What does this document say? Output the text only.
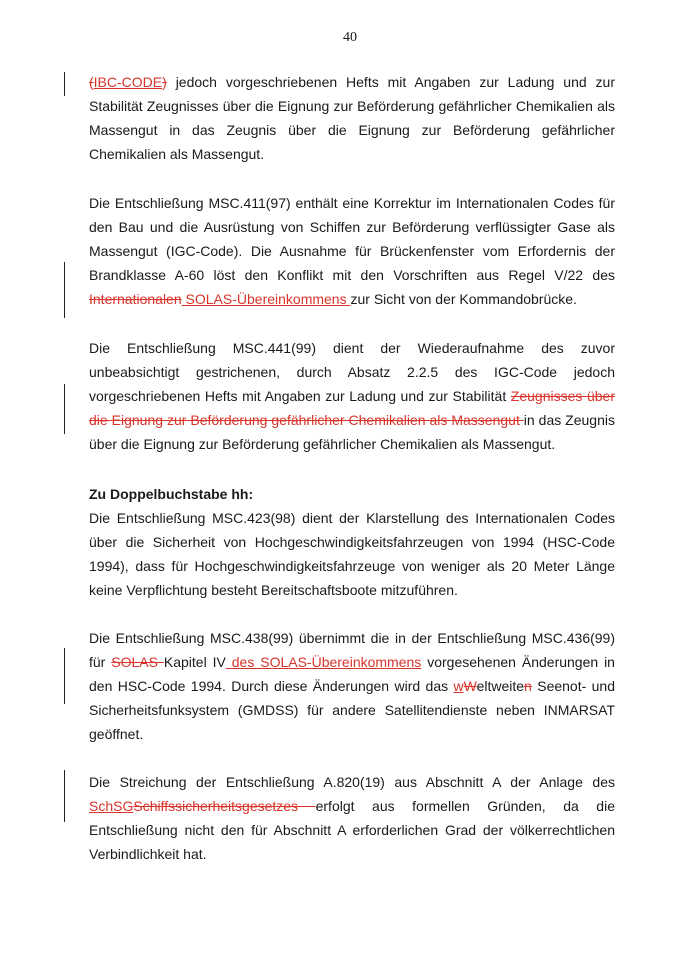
40

(IBC-CODE) jedoch vorgeschriebenen Hefts mit Angaben zur Ladung und zur Stabilität Zeugnisses über die Eignung zur Beförderung gefährlicher Chemikalien als Massengut in das Zeugnis über die Eignung zur Beförderung gefährlicher Chemikalien als Massengut.

Die Entschließung MSC.411(97) enthält eine Korrektur im Internationalen Codes für den Bau und die Ausrüstung von Schiffen zur Beförderung verflüssigter Gase als Massengut (IGC-Code). Die Ausnahme für Brückenfenster vom Erfordernis der Brandklasse A-60 löst den Konflikt mit den Vorschriften aus Regel V/22 des Internationalen SOLAS-Übereinkommens zur Sicht von der Kommandobrücke.

Die Entschließung MSC.441(99) dient der Wiederaufnahme des zuvor unbeabsichtigt gestrichenen, durch Absatz 2.2.5 des IGC-Code jedoch vorgeschriebenen Hefts mit Angaben zur Ladung und zur Stabilität Zeugnisses über die Eignung zur Beförderung gefährlicher Chemikalien als Massengut in das Zeugnis über die Eignung zur Beförderung gefährlicher Chemikalien als Massengut.

Zu Doppelbuchstabe hh:

Die Entschließung MSC.423(98) dient der Klarstellung des Internationalen Codes über die Sicherheit von Hochgeschwindigkeitsfahrzeugen von 1994 (HSC-Code 1994), dass für Hochgeschwindigkeitsfahrzeuge von weniger als 20 Meter Länge keine Verpflichtung besteht Bereitschaftsboote mitzuführen.

Die Entschließung MSC.438(99) übernimmt die in der Entschließung MSC.436(99) für SOLAS Kapitel IV des SOLAS-Übereinkommens vorgesehenen Änderungen in den HSC-Code 1994. Durch diese Änderungen wird das wWeltweiten Seenot- und Sicherheitsfunksystem (GMDSS) für andere Satellitendienste neben INMARSAT geöffnet.

Die Streichung der Entschließung A.820(19) aus Abschnitt A der Anlage des SchSGSchiffssicherheitsgesetzes erfolgt aus formellen Gründen, da die Entschließung nicht den für Abschnitt A erforderlichen Grad der völkerrechtlichen Verbindlichkeit hat.
